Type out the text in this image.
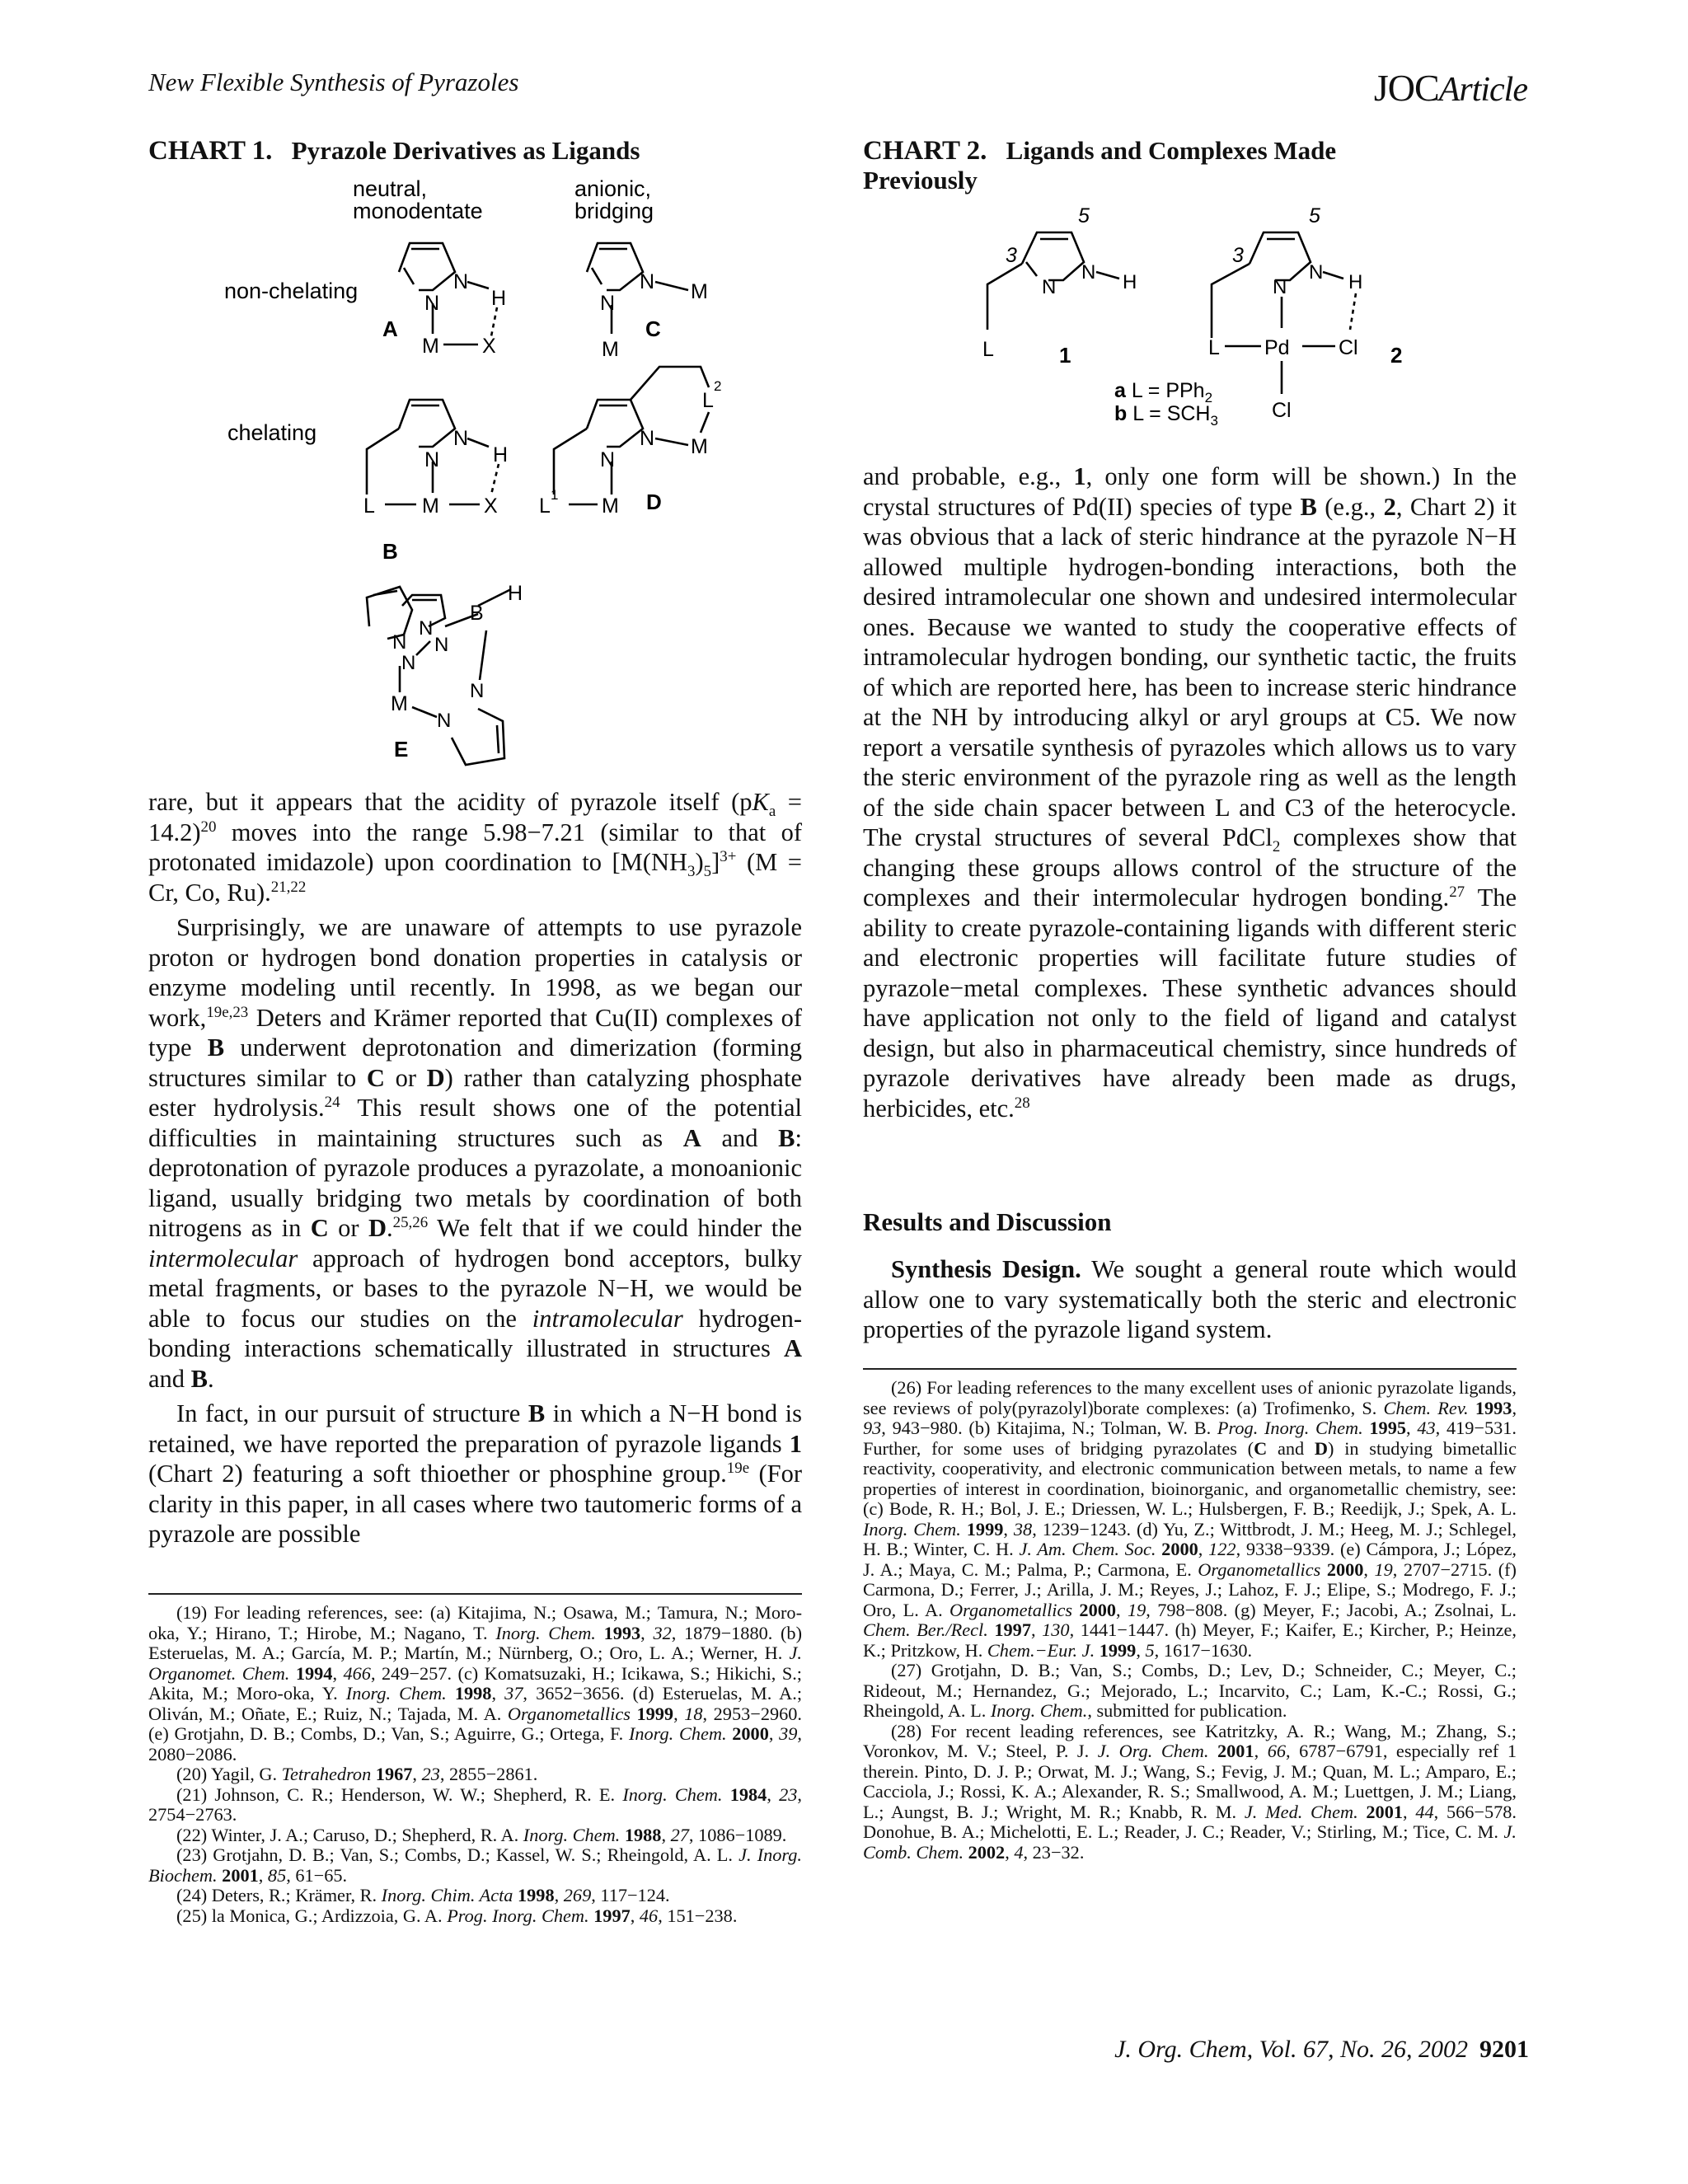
New Flexible Synthesis of Pyrazoles	JOCArticle
CHART 1. Pyrazole Derivatives as Ligands
neutral,
monodentate
anionic,
bridging
non-chelating
chelating
N
N
H
M X
A
N
N M
M
C
N
N
H
L M X
B
N
N M
L
2
L 1 M D
N
N
N
N
B
H
N
M
N
E
CHART 2. Ligands and Complexes Made
Previously
3
5
N
N H
L	1
a L = PPh$_2$
b $L = SCH_3$
3
5
N
N H
L Pd Cl
Cl
2

rare, but it appears that the acidity of pyrazole itself $(pK_a = 14.2)^{20}$ moves into the range 5.98−7.21 (similar to that of protonated imidazole) upon coordination to $[M(NH_3)_5]^{3+}$ (M = Cr, Co, Ru).$^{21,22}$

Surprisingly, we are unaware of attempts to use pyrazole proton or hydrogen bond donation properties in catalysis or enzyme modeling until recently. In 1998, as we began our work,$^{19e,23}$ Deters and Krämer reported that Cu(II) complexes of type B underwent deprotonation and dimerization (forming structures similar to C or D) rather than catalyzing phosphate ester hydrolysis.$^{24}$ This result shows one of the potential difficulties in maintaining structures such as A and B: deprotonation of pyrazole produces a pyrazolate, a monoanionic ligand, usually bridging two metals by coordination of both nitrogens as in C or D.$^{25,26}$ We felt that if we could hinder the intermolecular approach of hydrogen bond acceptors, bulky metal fragments, or bases to the pyrazole N−H, we would be able to focus our studies on the intramolecular hydrogen-bonding interactions schematically illustrated in structures A and B.

In fact, in our pursuit of structure B in which a N−H bond is retained, we have reported the preparation of pyrazole ligands 1 (Chart 2) featuring a soft thioether or phosphine group.$^{19e}$ (For clarity in this paper, in all cases where two tautomeric forms of a pyrazole are possible

(19) For leading references, see: (a) Kitajima, N.; Osawa, M.; Tamura, N.; Moro-oka, Y.; Hirano, T.; Hirobe, M.; Nagano, T. Inorg. Chem. 1993, 32, 1879−1880. (b) Esteruelas, M. A.; García, M. P.; Martín, M.; Nürnberg, O.; Oro, L. A.; Werner, H. J. Organomet. Chem. 1994, 466, 249−257. (c) Komatsuzaki, H.; Icikawa, S.; Hikichi, S.; Akita, M.; Moro-oka, Y. Inorg. Chem. 1998, 37, 3652−3656. (d) Esteruelas, M. A.; Oliván, M.; Oñate, E.; Ruiz, N.; Tajada, M. A. Organometallics 1999, 18, 2953−2960. (e) Grotjahn, D. B.; Combs, D.; Van, S.; Aguirre, G.; Ortega, F. Inorg. Chem. 2000, 39, 2080−2086.

(20) Yagil, G. Tetrahedron 1967, 23, 2855−2861.

(21) Johnson, C. R.; Henderson, W. W.; Shepherd, R. E. Inorg. Chem. 1984, 23, 2754−2763.

(22) Winter, J. A.; Caruso, D.; Shepherd, R. A. Inorg. Chem. 1988, 27, 1086−1089.

(23) Grotjahn, D. B.; Van, S.; Combs, D.; Kassel, W. S.; Rheingold, A. L. J. Inorg. Biochem. 2001, 85, 61−65.

(24) Deters, R.; Krämer, R. Inorg. Chim. Acta 1998, 269, 117−124.

(25) la Monica, G.; Ardizzoia, G. A. Prog. Inorg. Chem. 1997, 46, 151−238.

and probable, e.g., 1, only one form will be shown.) In the crystal structures of Pd(II) species of type B (e.g., 2, Chart 2) it was obvious that a lack of steric hindrance at the pyrazole N−H allowed multiple hydrogen-bonding interactions, both the desired intramolecular one shown and undesired intermolecular ones. Because we wanted to study the cooperative effects of intramolecular hydrogen bonding, our synthetic tactic, the fruits of which are reported here, has been to increase steric hindrance at the NH by introducing alkyl or aryl groups at C5. We now report a versatile synthesis of pyrazoles which allows us to vary the steric environment of the pyrazole ring as well as the length of the side chain spacer between L and C3 of the heterocycle. The crystal structures of several PdCl$_2$ complexes show that changing these groups allows control of the structure of the complexes and their intermolecular hydrogen bonding.$^{27}$ The ability to create pyrazole-containing ligands with different steric and electronic properties will facilitate future studies of pyrazole−metal complexes. These synthetic advances should have application not only to the field of ligand and catalyst design, but also in pharmaceutical chemistry, since hundreds of pyrazole derivatives have already been made as drugs, herbicides, etc.$^{28}$

Results and Discussion

Synthesis Design. We sought a general route which would allow one to vary systematically both the steric and electronic properties of the pyrazole ligand system.

(26) For leading references to the many excellent uses of anionic pyrazolate ligands, see reviews of poly(pyrazolyl)borate complexes: (a) Trofimenko, S. Chem. Rev. 1993, 93, 943−980. (b) Kitajima, N.; Tolman, W. B. Prog. Inorg. Chem. 1995, 43, 419−531. Further, for some uses of bridging pyrazolates (C and D) in studying bimetallic reactivity, cooperativity, and electronic communication between metals, to name a few properties of interest in coordination, bioinorganic, and organometallic chemistry, see: (c) Bode, R. H.; Bol, J. E.; Driessen, W. L.; Hulsbergen, F. B.; Reedijk, J.; Spek, A. L. Inorg. Chem. 1999, 38, 1239−1243. (d) Yu, Z.; Wittbrodt, J. M.; Heeg, M. J.; Schlegel, H. B.; Winter, C. H. J. Am. Chem. Soc. 2000, 122, 9338−9339. (e) Cámpora, J.; López, J. A.; Maya, C. M.; Palma, P.; Carmona, E. Organometallics 2000, 19, 2707−2715. (f) Carmona, D.; Ferrer, J.; Arilla, J. M.; Reyes, J.; Lahoz, F. J.; Elipe, S.; Modrego, F. J.; Oro, L. A. Organometallics 2000, 19, 798−808. (g) Meyer, F.; Jacobi, A.; Zsolnai, L. Chem. Ber./Recl. 1997, 130, 1441−1447. (h) Meyer, F.; Kaifer, E.; Kircher, P.; Heinze, K.; Pritzkow, H. Chem.−Eur. J. 1999, 5, 1617−1630.

(27) Grotjahn, D. B.; Van, S.; Combs, D.; Lev, D.; Schneider, C.; Meyer, C.; Rideout, M.; Hernandez, G.; Mejorado, L.; Incarvito, C.; Lam, K.-C.; Rossi, G.; Rheingold, A. L. Inorg. Chem., submitted for publication.

(28) For recent leading references, see Katritzky, A. R.; Wang, M.; Zhang, S.; Voronkov, M. V.; Steel, P. J. J. Org. Chem. 2001, 66, 6787−6791, especially ref 1 therein. Pinto, D. J. P.; Orwat, M. J.; Wang, S.; Fevig, J. M.; Quan, M. L.; Amparo, E.; Cacciola, J.; Rossi, K. A.; Alexander, R. S.; Smallwood, A. M.; Luettgen, J. M.; Liang, L.; Aungst, B. J.; Wright, M. R.; Knabb, R. M. J. Med. Chem. 2001, 44, 566−578. Donohue, B. A.; Michelotti, E. L.; Reader, J. C.; Reader, V.; Stirling, M.; Tice, C. M. J. Comb. Chem. 2002, 4, 23−32.

J. Org. Chem, Vol. 67, No. 26, 2002 9201
